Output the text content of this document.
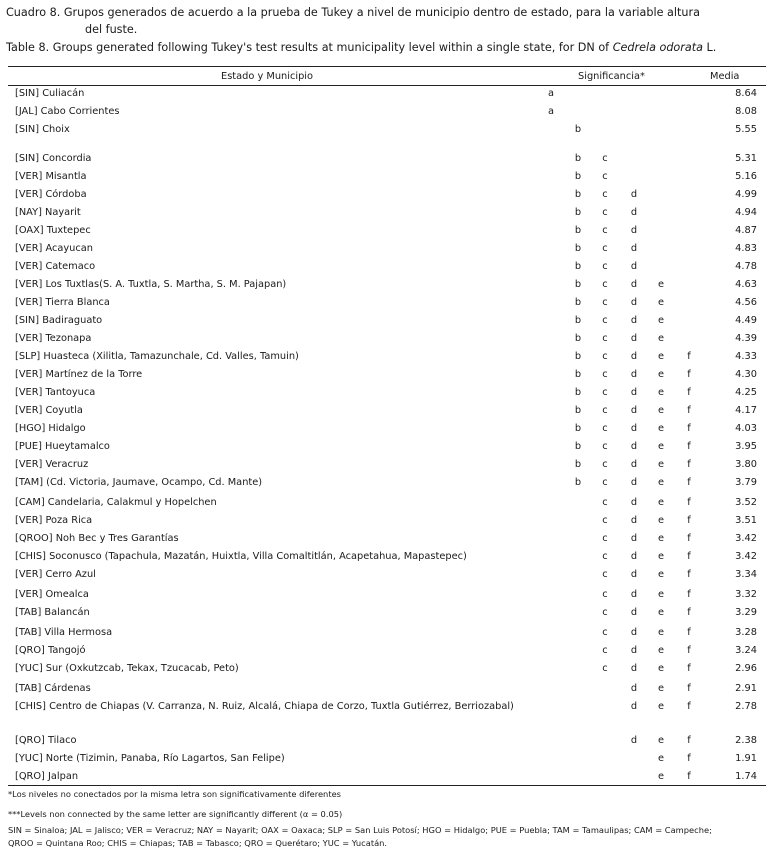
Cuadro 8. Grupos generados de acuerdo a la prueba de Tukey a nivel de municipio dentro de estado, para la variable altura
del fuste.
Table 8. Groups generated following Tukey's test results at municipality level within a single state, for DN of Cedrela odorata L.
Estado y Municipio	Significancia*	Media
[SIN] Culiacán	a	8.64
[JAL] Cabo Corrientes	a	8.08
[SIN] Choix	b	5.55
[SIN] Concordia	b	c	5.31
[VER] Misantla	b	c	5.16
[VER] Córdoba	b	c	d	4.99
[NAY] Nayarit	b	c	d	4.94
[OAX] Tuxtepec	b	c	d	4.87
[VER] Acayucan	b	c	d	4.83
[VER] Catemaco	b	c	d	4.78
[VER] Los Tuxtlas(S. A. Tuxtla, S. Martha, S. M. Pajapan)	b	c	d	e	4.63
[VER] Tierra Blanca	b	c	d	e	4.56
[SIN] Badiraguato	b	c	d	e	4.49
[VER] Tezonapa	b	c	d	e	4.39
[SLP] Huasteca (Xilitla, Tamazunchale, Cd. Valles, Tamuin)	b	c	d	e	f	4.33
[VER] Martínez de la Torre	b	c	d	e	f	4.30
[VER] Tantoyuca	b	c	d	e	f	4.25
[VER] Coyutla	b	c	d	e	f	4.17
[HGO] Hidalgo	b	c	d	e	f	4.03
[PUE] Hueytamalco	b	c	d	e	f	3.95
[VER] Veracruz	b	c	d	e	f	3.80
[TAM] (Cd. Victoria, Jaumave, Ocampo, Cd. Mante)	b	c	d	e	f	3.79
[CAM] Candelaria, Calakmul y Hopelchen	c	d	e	f	3.52
[VER] Poza Rica	c	d	e	f	3.51
[QROO] Noh Bec y Tres Garantías	c	d	e	f	3.42
[CHIS] Soconusco (Tapachula, Mazatán, Huixtla, Villa Comaltitlán, Acapetahua, Mapastepec)	c	d	e	f	3.42
[VER] Cerro Azul	c	d	e	f	3.34
[VER] Omealca	c	d	e	f	3.32
[TAB] Balancán	c	d	e	f	3.29
[TAB] Villa Hermosa	c	d	e	f	3.28
[QRO] Tangojó	c	d	e	f	3.24
[YUC] Sur (Oxkutzcab, Tekax, Tzucacab, Peto)	c	d	e	f	2.96
[TAB] Cárdenas	d	e	f	2.91
[CHIS] Centro de Chiapas (V. Carranza, N. Ruiz, Alcalá, Chiapa de Corzo, Tuxtla Gutiérrez, Berriozabal)	d	e	f	2.78
[QRO] Tilaco	d	e	f	2.38
[YUC] Norte (Tizimin, Panaba, Río Lagartos, San Felipe)	e	f	1.91
[QRO] Jalpan	e	f	1.74
*Los niveles no conectados por la misma letra son significativamente diferentes
***Levels non connected by the same letter are significantly different (α = 0.05)
SIN = Sinaloa; JAL = Jalisco; VER = Veracruz; NAY = Nayarit; OAX = Oaxaca; SLP = San Luis Potosí; HGO = Hidalgo; PUE = Puebla; TAM = Tamaulipas; CAM = Campeche;
QROO = Quintana Roo; CHIS = Chiapas; TAB = Tabasco; QRO = Querétaro; YUC = Yucatán.
